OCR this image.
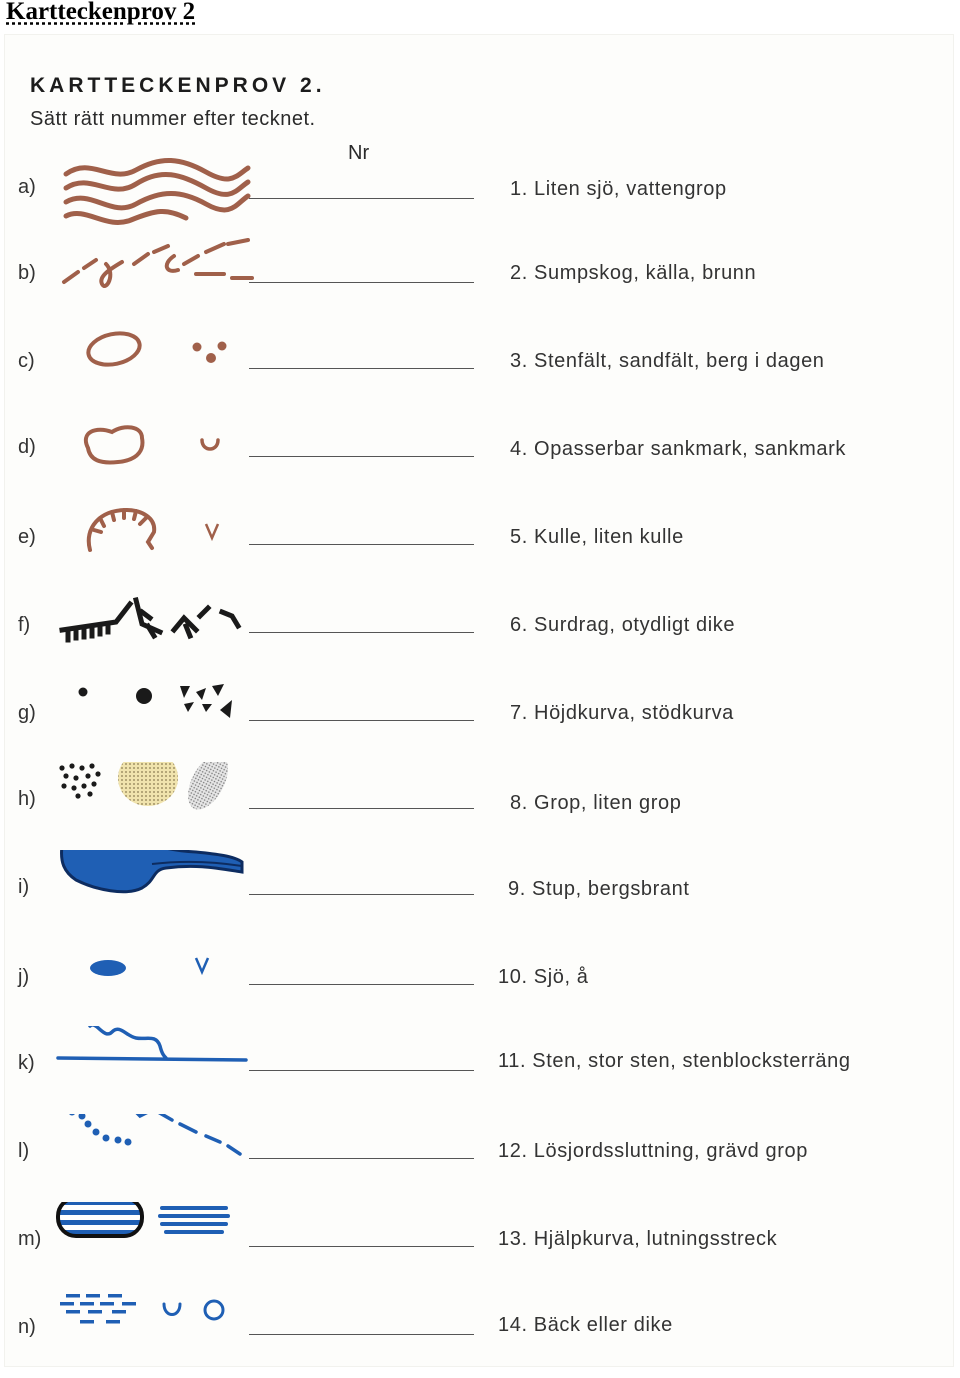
Kartteckenprov 2
KARTTECKENPROV 2.
Sätt rätt nummer efter tecknet.
Nr
a)	1. Liten sjö, vattengrop
b)	2. Sumpskog, källa, brunn
c)	3. Stenfält, sandfält, berg i dagen
d)	4. Opasserbar sankmark, sankmark
e)	5. Kulle, liten kulle
f)	6. Surdrag, otydligt dike
g)	7. Höjdkurva, stödkurva
h)	8. Grop, liten grop
i)	9. Stup, bergsbrant
j)	10. Sjö, å
k)	11. Sten, stor sten, stenblocksterräng
l)	12. Lösjordssluttning, grävd grop
m)	13. Hjälpkurva, lutningsstreck
n)	14. Bäck eller dike
